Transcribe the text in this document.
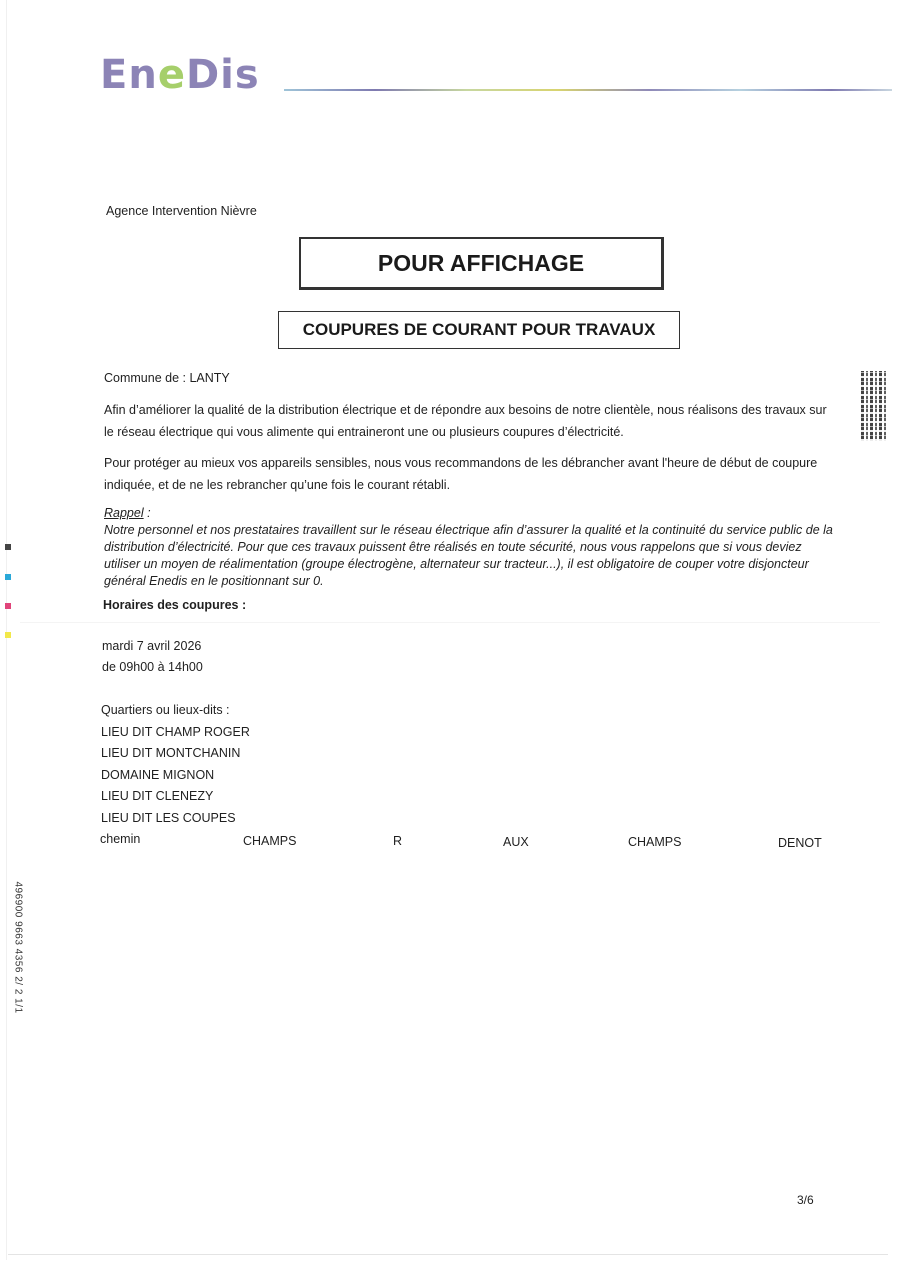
EneDis
Agence Intervention Nièvre
POUR AFFICHAGE
COUPURES DE COURANT POUR TRAVAUX
Commune de : LANTY
Afin d’améliorer la qualité de la distribution électrique et de répondre aux besoins de notre clientèle, nous réalisons des travaux sur le réseau électrique qui vous alimente qui entraineront une ou plusieurs coupures d’électricité.
Pour protéger au mieux vos appareils sensibles, nous vous recommandons de les débrancher avant l'heure de début de coupure indiquée, et de ne les rebrancher qu’une fois le courant rétabli.
Rappel :
Notre personnel et nos prestataires travaillent sur le réseau électrique afin d’assurer la qualité et la continuité du service public de la distribution d’électricité. Pour que ces travaux puissent être réalisés en toute sécurité, nous vous rappelons que si vous deviez utiliser un moyen de réalimentation (groupe électrogène, alternateur sur tracteur...), il est obligatoire de couper votre disjoncteur général Enedis en le positionnant sur 0.
Horaires des coupures :
mardi 7 avril 2026
de 09h00 à 14h00
Quartiers ou lieux-dits :
LIEU DIT CHAMP ROGER
LIEU DIT MONTCHANIN
DOMAINE MIGNON
LIEU DIT CLENEZY
LIEU DIT LES COUPES
chemin	CHAMPS	R	AUX	CHAMPS	DENOT
496900 9663 4356 2/ 2 1/1
3/6
